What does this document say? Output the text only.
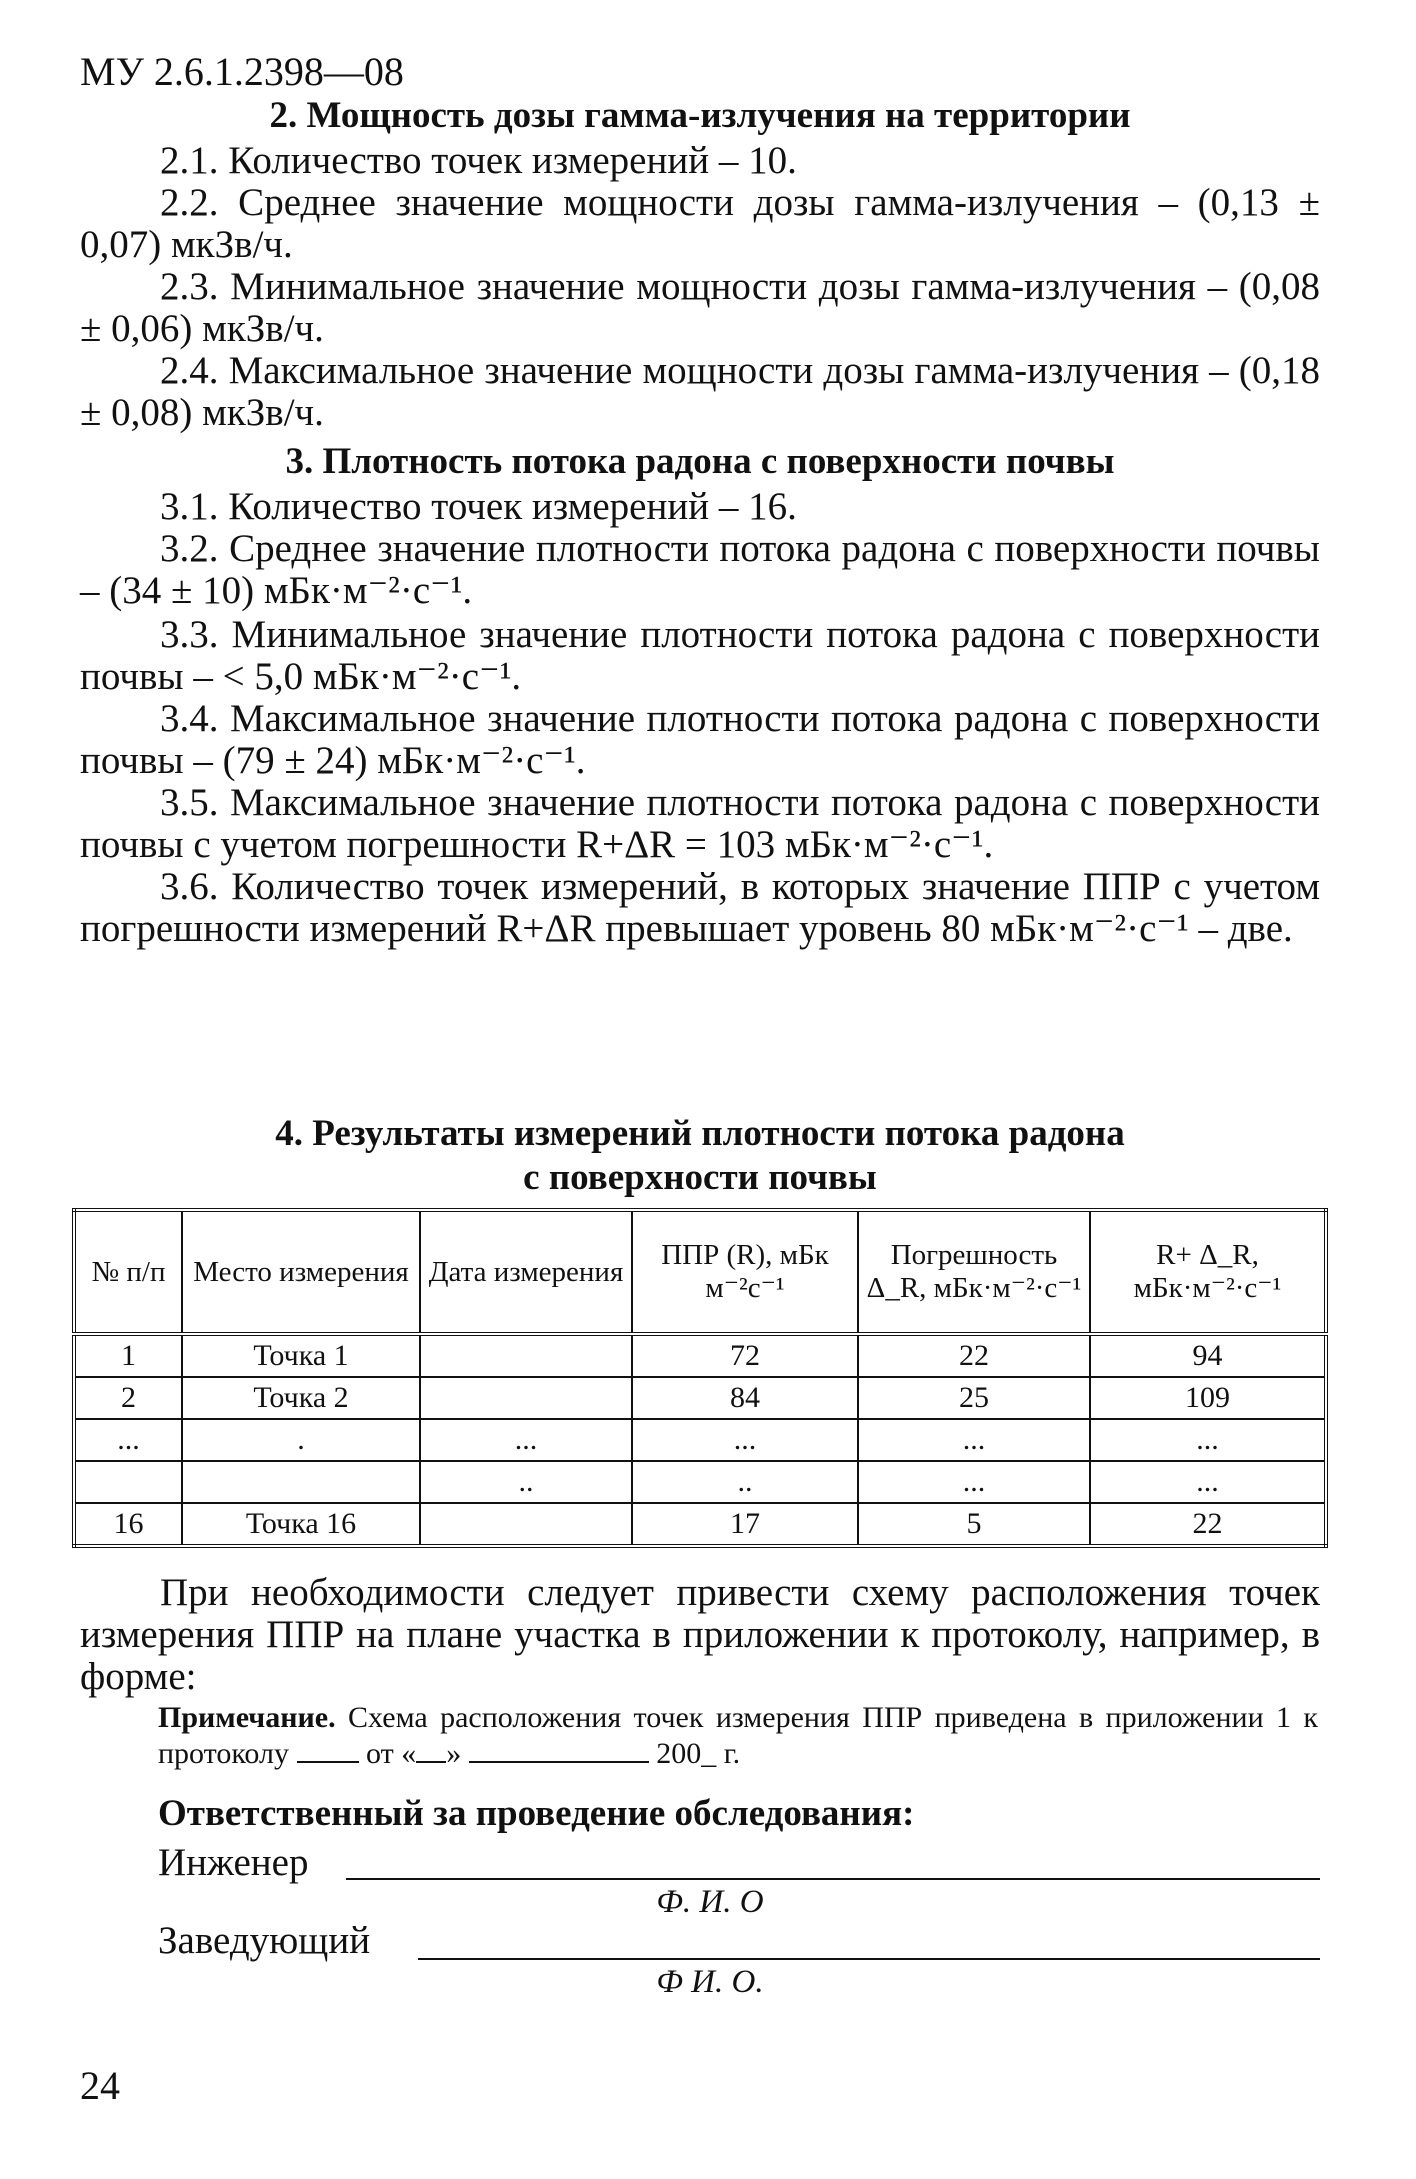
МУ 2.6.1.2398—08
2. Мощность дозы гамма-излучения на территории
2.1. Количество точек измерений – 10.
2.2. Среднее значение мощности дозы гамма-излучения – (0,13 ± 0,07) мкЗв/ч.
2.3. Минимальное значение мощности дозы гамма-излучения – (0,08 ± 0,06) мкЗв/ч.
2.4. Максимальное значение мощности дозы гамма-излучения – (0,18 ± 0,08) мкЗв/ч.
3. Плотность потока радона с поверхности почвы
3.1. Количество точек измерений – 16.
3.2. Среднее значение плотности потока радона с поверхности почвы – (34 ± 10) мБк·м⁻²·с⁻¹.
3.3. Минимальное значение плотности потока радона с поверхности почвы – < 5,0 мБк·м⁻²·с⁻¹.
3.4. Максимальное значение плотности потока радона с поверхности почвы – (79 ± 24) мБк·м⁻²·с⁻¹.
3.5. Максимальное значение плотности потока радона с поверхности почвы с учетом погрешности R+ΔR = 103 мБк·м⁻²·с⁻¹.
3.6. Количество точек измерений, в которых значение ППР с учетом погрешности измерений R+ΔR превышает уровень 80 мБк·м⁻²·с⁻¹ – две.
4. Результаты измерений плотности потока радона
с поверхности почвы
№ п/п	Место измерения	Дата измерения	ППР (R), мБк м⁻²с⁻¹	Погрешность Δ_R, мБк·м⁻²·с⁻¹	R+ Δ_R, мБк·м⁻²·с⁻¹
1	Точка 1		72	22	94
2	Точка 2		84	25	109
...	.	...	...	...	...
		..	..	...	...
16	Точка 16		17	5	22
При необходимости следует привести схему расположения точек измерения ППР на плане участка в приложении к протоколу, например, в форме:
Примечание. Схема расположения точек измерения ППР приведена в приложении 1 к протоколу  от « »	200_ г.
Ответственный за проведение обследования:
Инженер
Ф. И. О
Заведующий
Ф И. О.
24
